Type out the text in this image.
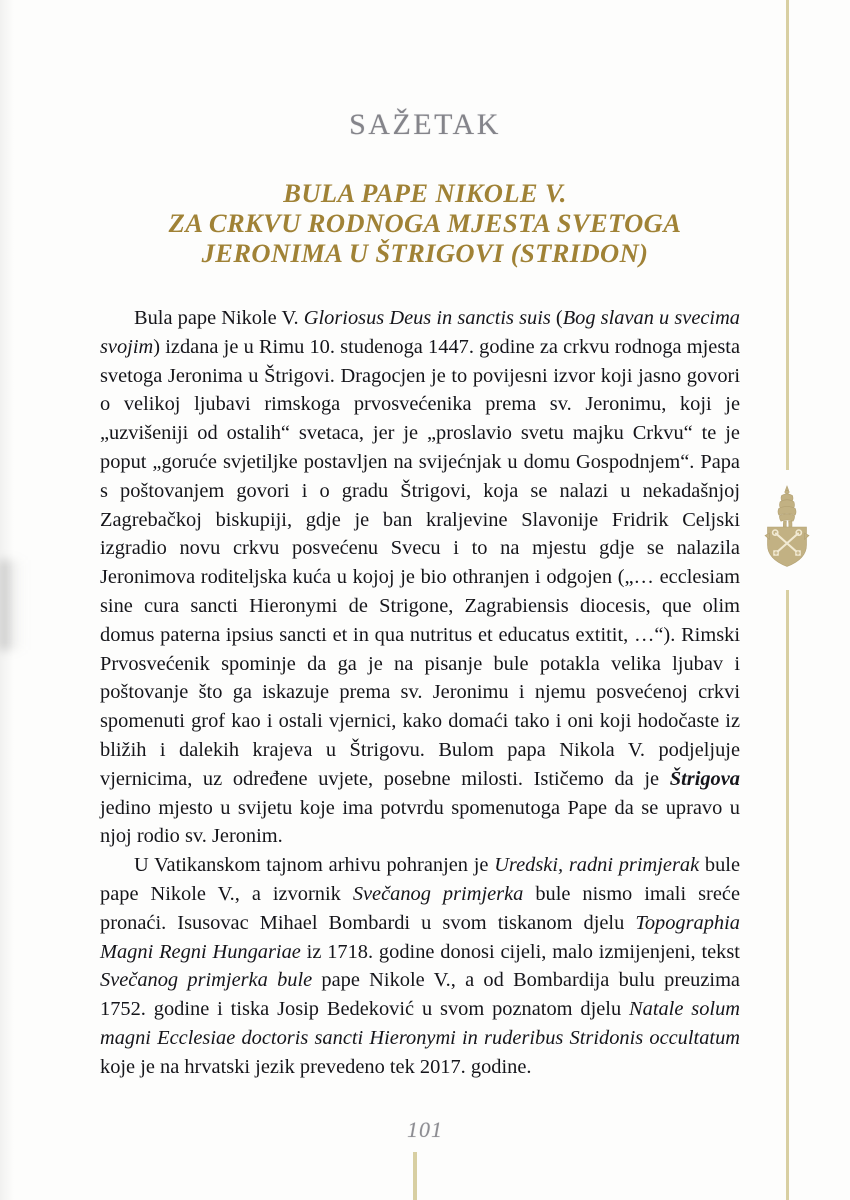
SAŽETAK
BULA PAPE NIKOLE V.
ZA CRKVU RODNOGA MJESTA SVETOGA
JERONIMA U ŠTRIGOVI (STRIDON)

Bula pape Nikole V. Gloriosus Deus in sanctis suis (Bog slavan u svecima svojim) izdana je u Rimu 10. studenoga 1447. godine za crkvu rodnoga mjesta svetoga Jeronima u Štrigovi. Dragocjen je to povijesni izvor koji jasno govori o velikoj ljubavi rimskoga prvosvećenika prema sv. Jeronimu, koji je „uzvišeniji od ostalih“ svetaca, jer je „proslavio svetu majku Crkvu“ te je poput „goruće svjetiljke postavljen na svijećnjak u domu Gospodnjem“. Papa s poštovanjem govori i o gradu Štrigovi, koja se nalazi u nekadašnjoj Zagrebačkoj biskupiji, gdje je ban kraljevine Slavonije Fridrik Celjski izgradio novu crkvu posvećenu Svecu i to na mjestu gdje se nalazila Jeronimova roditeljska kuća u kojoj je bio othranjen i odgojen („… ecclesiam sine cura sancti Hieronymi de Strigone, Zagrabiensis diocesis, que olim domus paterna ipsius sancti et in qua nutritus et educatus extitit, …“). Rimski Prvosvećenik spominje da ga je na pisanje bule potakla velika ljubav i poštovanje što ga iskazuje prema sv. Jeronimu i njemu posvećenoj crkvi spomenuti grof kao i ostali vjernici, kako domaći tako i oni koji hodočaste iz bližih i dalekih krajeva u Štrigovu. Bulom papa Nikola V. podjeljuje vjernicima, uz određene uvjete, posebne milosti. Ističemo da je Štrigova jedino mjesto u svijetu koje ima potvrdu spomenutoga Pape da se upravo u njoj rodio sv. Jeronim.

U Vatikanskom tajnom arhivu pohranjen je Uredski, radni primjerak bule pape Nikole V., a izvornik Svečanog primjerka bule nismo imali sreće pronaći. Isusovac Mihael Bombardi u svom tiskanom djelu Topographia Magni Regni Hungariae iz 1718. godine donosi cijeli, malo izmijenjeni, tekst Svečanog primjerka bule pape Nikole V., a od Bombardija bulu preuzima 1752. godine i tiska Josip Bedeković u svom poznatom djelu Natale solum magni Ecclesiae doctoris sancti Hieronymi in ruderibus Stridonis occultatum koje je na hrvatski jezik prevedeno tek 2017. godine.

101
